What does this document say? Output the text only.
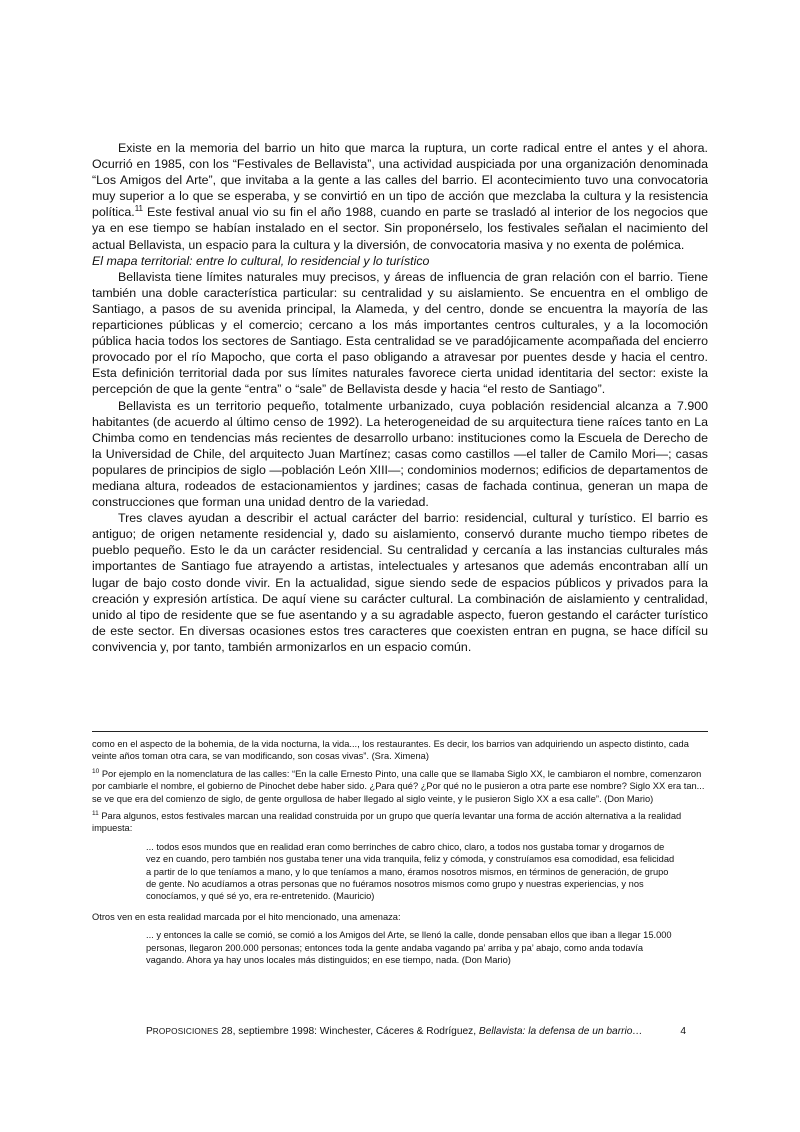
Existe en la memoria del barrio un hito que marca la ruptura, un corte radical entre el antes y el ahora. Ocurrió en 1985, con los “Festivales de Bellavista”, una actividad auspiciada por una organización denominada “Los Amigos del Arte”, que invitaba a la gente a las calles del barrio. El acontecimiento tuvo una convocatoria muy superior a lo que se esperaba, y se convirtió en un tipo de acción que mezclaba la cultura y la resistencia política.$^{11}$ Este festival anual vio su fin el año 1988, cuando en parte se trasladó al interior de los negocios que ya en ese tiempo se habían instalado en el sector. Sin proponérselo, los festivales señalan el nacimiento del actual Bellavista, un espacio para la cultura y la diversión, de convocatoria masiva y no exenta de polémica.

El mapa territorial: entre lo cultural, lo residencial y lo turístico

Bellavista tiene límites naturales muy precisos, y áreas de influencia de gran relación con el barrio. Tiene también una doble característica particular: su centralidad y su aislamiento. Se encuentra en el ombligo de Santiago, a pasos de su avenida principal, la Alameda, y del centro, donde se encuentra la mayoría de las reparticiones públicas y el comercio; cercano a los más importantes centros culturales, y a la locomoción pública hacia todos los sectores de Santiago. Esta centralidad se ve paradójicamente acompañada del encierro provocado por el río Mapocho, que corta el paso obligando a atravesar por puentes desde y hacia el centro. Esta definición territorial dada por sus límites naturales favorece cierta unidad identitaria del sector: existe la percepción de que la gente “entra” o “sale” de Bellavista desde y hacia “el resto de Santiago”.

Bellavista es un territorio pequeño, totalmente urbanizado, cuya población residencial alcanza a 7.900 habitantes (de acuerdo al último censo de 1992). La heterogeneidad de su arquitectura tiene raíces tanto en La Chimba como en tendencias más recientes de desarrollo urbano: instituciones como la Escuela de Derecho de la Universidad de Chile, del arquitecto Juan Martínez; casas como castillos —el taller de Camilo Mori—; casas populares de principios de siglo —población León XIII—; condominios modernos; edificios de departamentos de mediana altura, rodeados de estacionamientos y jardines; casas de fachada continua, generan un mapa de construcciones que forman una unidad dentro de la variedad.

Tres claves ayudan a describir el actual carácter del barrio: residencial, cultural y turístico. El barrio es antiguo; de origen netamente residencial y, dado su aislamiento, conservó durante mucho tiempo ribetes de pueblo pequeño. Esto le da un carácter residencial. Su centralidad y cercanía a las instancias culturales más importantes de Santiago fue atrayendo a artistas, intelectuales y artesanos que además encontraban allí un lugar de bajo costo donde vivir. En la actualidad, sigue siendo sede de espacios públicos y privados para la creación y expresión artística. De aquí viene su carácter cultural. La combinación de aislamiento y centralidad, unido al tipo de residente que se fue asentando y a su agradable aspecto, fueron gestando el carácter turístico de este sector. En diversas ocasiones estos tres caracteres que coexisten entran en pugna, se hace difícil su convivencia y, por tanto, también armonizarlos en un espacio común.

como en el aspecto de la bohemia, de la vida nocturna, la vida..., los restaurantes. Es decir, los barrios van adquiriendo un aspecto distinto, cada veinte años toman otra cara, se van modificando, son cosas vivas”. (Sra. Ximena)

$^{10}$ Por ejemplo en la nomenclatura de las calles: “En la calle Ernesto Pinto, una calle que se llamaba Siglo XX, le cambiaron el nombre, comenzaron por cambiarle el nombre, el gobierno de Pinochet debe haber sido. ¿Para qué? ¿Por qué no le pusieron a otra parte ese nombre? Siglo XX era tan... se ve que era del comienzo de siglo, de gente orgullosa de haber llegado al siglo veinte, y le pusieron Siglo XX a esa calle”. (Don Mario)

$^{11}$ Para algunos, estos festivales marcan una realidad construida por un grupo que quería levantar una forma de acción alternativa a la realidad impuesta:

... todos esos mundos que en realidad eran como berrinches de cabro chico, claro, a todos nos gustaba tomar y drogarnos de vez en cuando, pero también nos gustaba tener una vida tranquila, feliz y cómoda, y construíamos esa comodidad, esa felicidad a partir de lo que teníamos a mano, y lo que teníamos a mano, éramos nosotros mismos, en términos de generación, de grupo de gente. No acudíamos a otras personas que no fuéramos nosotros mismos como grupo y nuestras experiencias, y nos conocíamos, y qué sé yo, era re-entretenido. (Mauricio)

Otros ven en esta realidad marcada por el hito mencionado, una amenaza:

... y entonces la calle se comió, se comió a los Amigos del Arte, se llenó la calle, donde pensaban ellos que iban a llegar 15.000 personas, llegaron 200.000 personas; entonces toda la gente andaba vagando pa’ arriba y pa’ abajo, como anda todavía vagando. Ahora ya hay unos locales más distinguidos; en ese tiempo, nada. (Don Mario)

PROPOSICIONES 28, septiembre 1998: Winchester, Cáceres & Rodríguez, Bellavista: la defensa de un barrio…	4
